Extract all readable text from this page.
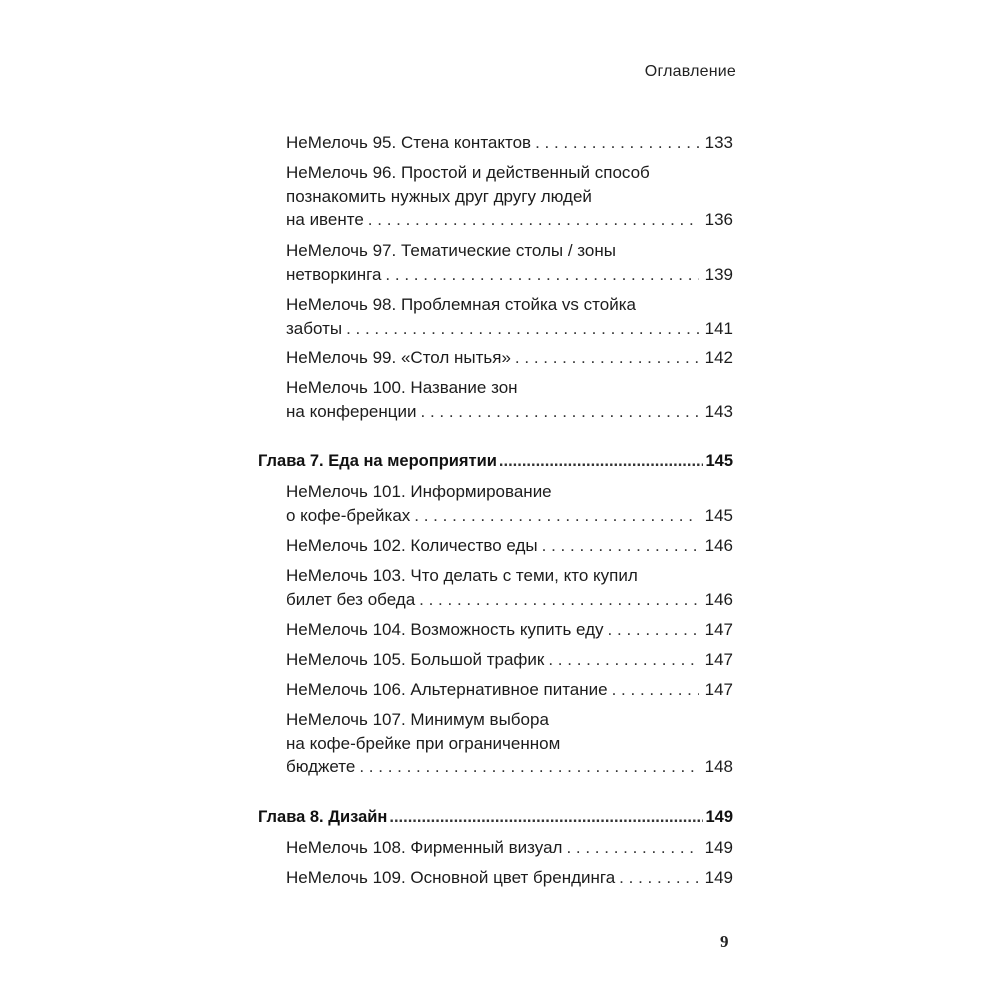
Оглавление
НеМелочь 95. Стена контактов . . .	133
НеМелочь 96. Простой и действенный способ
познакомить нужных друг другу людей
на ивенте . . .	136
НеМелочь 97. Тематические столы / зоны
нетворкинга . . .	139
НеМелочь 98. Проблемная стойка vs стойка
заботы . . .	141
НеМелочь 99. «Стол нытья» . . .	142
НеМелочь 100. Название зон
на конференции . . .	143
Глава 7. Еда на мероприятии .....	145
НеМелочь 101. Информирование
о кофе-брейках . . .	145
НеМелочь 102. Количество еды . . .	146
НеМелочь 103. Что делать с теми, кто купил
билет без обеда . . .	146
НеМелочь 104. Возможность купить еду . . .	147
НеМелочь 105. Большой трафик . . .	147
НеМелочь 106. Альтернативное питание . . .	147
НеМелочь 107. Минимум выбора
на кофе-брейке при ограниченном
бюджете . . .	148
Глава 8. Дизайн .....	149
НеМелочь 108. Фирменный визуал . . .	149
НеМелочь 109. Основной цвет брендинга . . .	149
9
